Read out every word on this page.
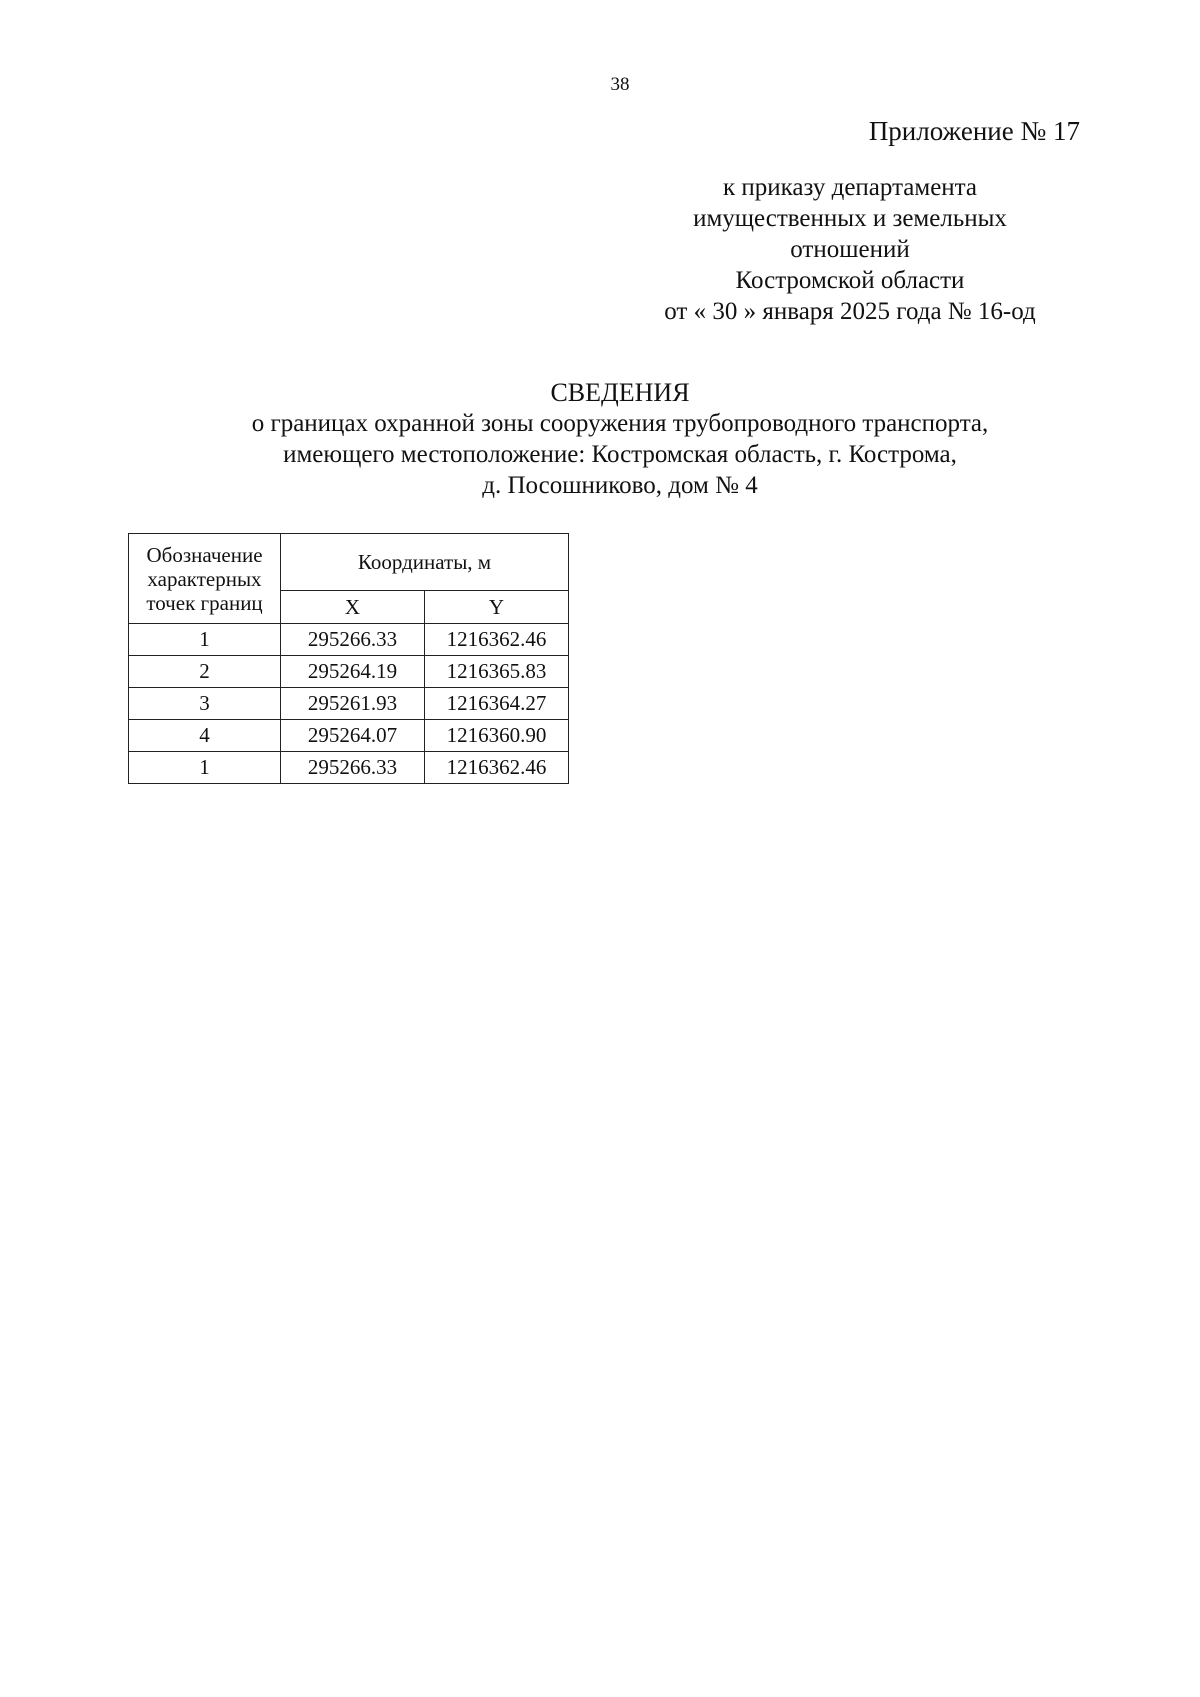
38
Приложение № 17
к приказу департамента
имущественных и земельных
отношений
Костромской области
от « 30 » января 2025 года № 16-од
СВЕДЕНИЯ
о границах охранной зоны сооружения трубопроводного транспорта,
имеющего местоположение: Костромская область, г. Кострома,
д. Посошниково, дом № 4
Обозначение
характерных
точек границ	Координаты, м	
	X	Y
1	295266.33	1216362.46
2	295264.19	1216365.83
3	295261.93	1216364.27
4	295264.07	1216360.90
1	295266.33	1216362.46
